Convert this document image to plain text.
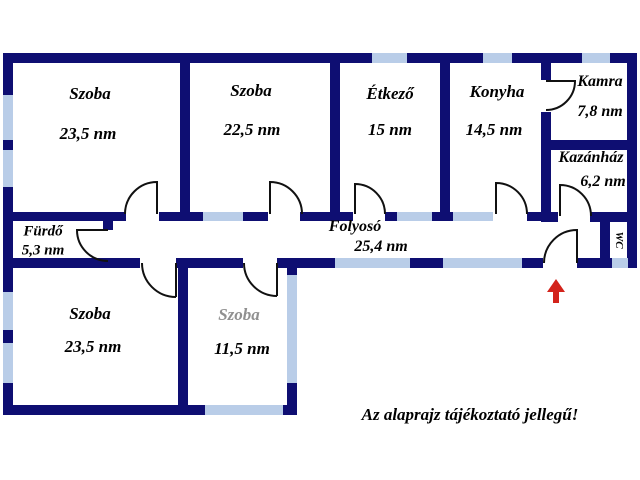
Szoba
23,5 nm
Szoba
22,5 nm
Étkező
15 nm
Konyha
14,5 nm
Kamra
7,8 nm
Kazánház
6,2 nm
Fürdő
5,3 nm
Folyosó
25,4 nm
Szoba
23,5 nm
Szoba
11,5 nm
WC
Az alaprajz tájékoztató jellegű!
